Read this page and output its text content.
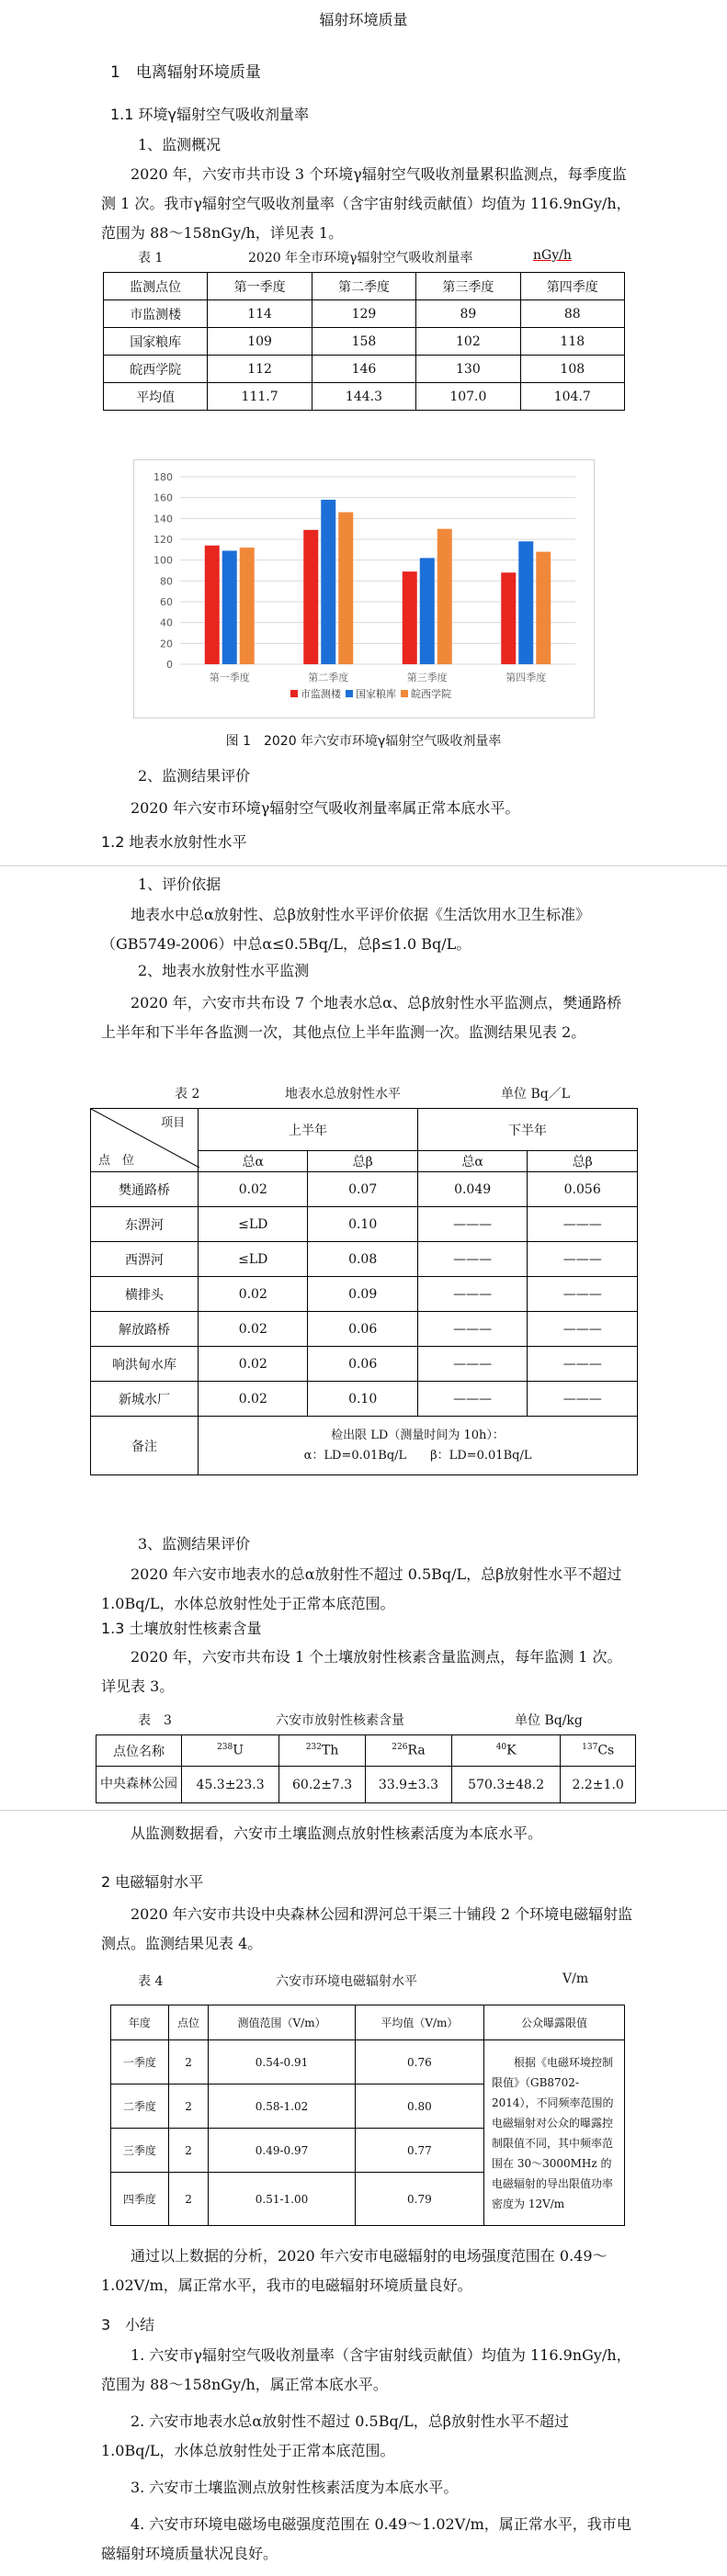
辐射环境质量
1　电离辐射环境质量
1.1 环境γ辐射空气吸收剂量率
1、监测概况
2020 年，六安市共市设 3 个环境γ辐射空气吸收剂量累积监测点，每季度监测 1 次。我市γ辐射空气吸收剂量率（含宇宙射线贡献值）均值为 116.9nGy/h，范围为 88～158nGy/h，详见表 1。
表 1	2020 年全市环境γ辐射空气吸收剂量率	nGy/h
监测点位	第一季度	第二季度	第三季度	第四季度
市监测楼	114	129	89	88
国家粮库	109	158	102	118
皖西学院	112	146	130	108
平均值	111.7	144.3	107.0	104.7
0
20
40
60
80
100
120
140
160
180
第一季度	第二季度	第三季度	第四季度
市监测楼 国家粮库 皖西学院
图 1　2020 年六安市环境γ辐射空气吸收剂量率
2、监测结果评价
2020 年六安市环境γ辐射空气吸收剂量率属正常本底水平。
1.2 地表水放射性水平
1、评价依据
地表水中总α放射性、总β放射性水平评价依据《生活饮用水卫生标准》（GB5749-2006）中总α≤0.5Bq/L，总β≤1.0 Bq/L。
2、地表水放射性水平监测
2020 年，六安市共布设 7 个地表水总α、总β放射性水平监测点，樊通路桥上半年和下半年各监测一次，其他点位上半年监测一次。监测结果见表 2。
表 2	地表水总放射性水平	单位 Bq／L
项目
点　位	上半年		下半年	
	总α	总β	总α	总β
樊通路桥	0.02	0.07	0.049	0.056
东淠河	≤LD	0.10	———	———
西淠河	≤LD	0.08	———	———
横排头	0.02	0.09	———	———
解放路桥	0.02	0.06	———	———
响洪甸水库	0.02	0.06	———	———
新城水厂	0.02	0.10	———	———
备注	检出限 LD（测量时间为 10h）：
α：LD=0.01Bq/L　　β：LD=0.01Bq/L			
3、监测结果评价
2020 年六安市地表水的总α放射性不超过 0.5Bq/L，总β放射性水平不超过 1.0Bq/L，水体总放射性处于正常本底范围。
1.3 土壤放射性核素含量
2020 年，六安市共布设 1 个土壤放射性核素含量监测点，每年监测 1 次。详见表 3。
表　3	六安市放射性核素含量	单位 Bq/kg
点位名称	$^{238}$U	$^{232}$Th	$^{226}$Ra	$^{40}$K	$^{137}$Cs
中央森林公园	45.3±23.3	60.2±7.3	33.9±3.3	570.3±48.2	2.2±1.0
从监测数据看，六安市土壤监测点放射性核素活度为本底水平。
2 电磁辐射水平
2020 年六安市共设中央森林公园和淠河总干渠三十铺段 2 个环境电磁辐射监测点。监测结果见表 4。
表 4	六安市环境电磁辐射水平	V/m
年度	点位	测值范围（V/m）	平均值（V/m）	公众曝露限值
一季度	2	0.54-0.91	0.76	根据《电磁环境控制限值》（GB8702-2014），不同频率范围的电磁辐射对公众的曝露控制限值不同，其中频率范围在 30～3000MHz 的电磁辐射的导出限值功率密度为 12V/m
二季度	2	0.58-1.02	0.80	
三季度	2	0.49-0.97	0.77	
四季度	2	0.51-1.00	0.79	
通过以上数据的分析，2020 年六安市电磁辐射的电场强度范围在 0.49～1.02V/m，属正常水平，我市的电磁辐射环境质量良好。
3　小结
1. 六安市γ辐射空气吸收剂量率（含宇宙射线贡献值）均值为 116.9nGy/h，范围为 88～158nGy/h，属正常本底水平。
2. 六安市地表水总α放射性不超过 0.5Bq/L，总β放射性水平不超过 1.0Bq/L，水体总放射性处于正常本底范围。
3. 六安市土壤监测点放射性核素活度为本底水平。
4. 六安市环境电磁场电磁强度范围在 0.49～1.02V/m，属正常水平，我市电磁辐射环境质量状况良好。
